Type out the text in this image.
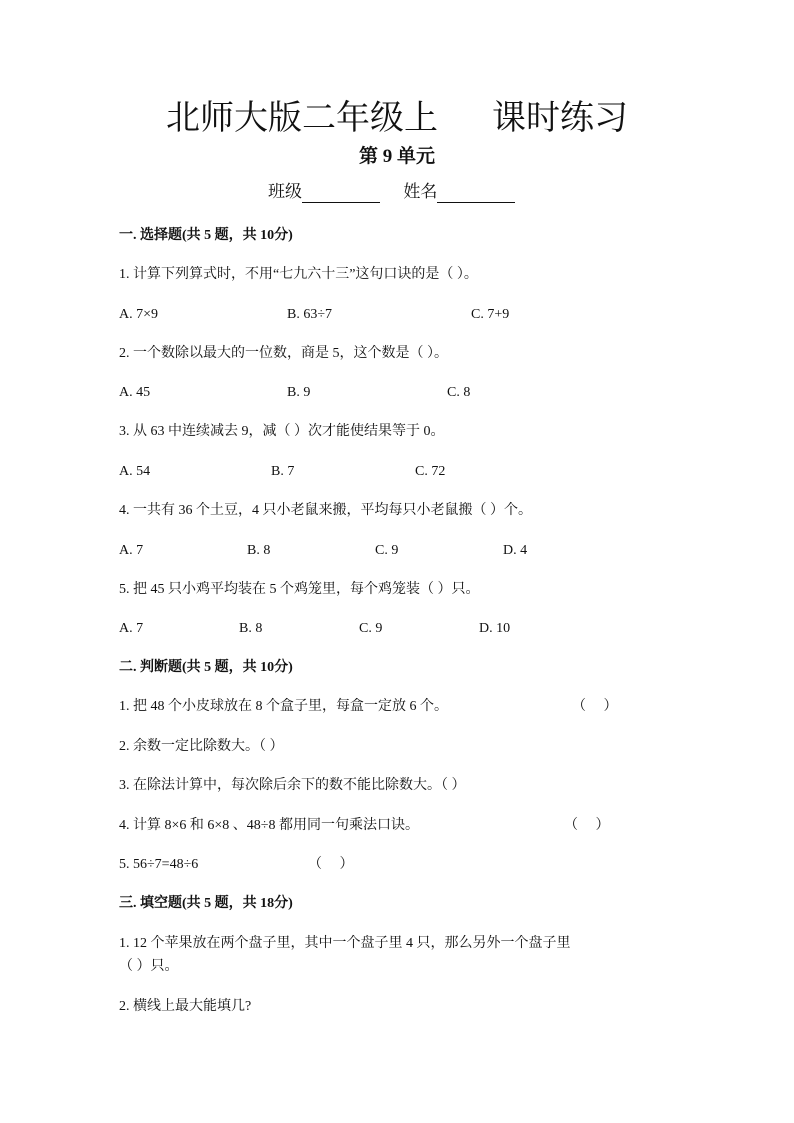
北师大版二年级上     课时练习
第 9 单元
班级	姓名
一. 选择题(共 5 题，共 10分)
1. 计算下列算式时，不用“七九六十三”这句口诀的是（ ）。
A. 7×9	B. 63÷7	C. 7+9
2. 一个数除以最大的一位数，商是 5，这个数是（ ）。
A. 45	B. 9	C. 8
3. 从 63 中连续减去 9，减（ ）次才能使结果等于 0。
A. 54	B. 7	C. 72
4. 一共有 36 个土豆，4 只小老鼠来搬，平均每只小老鼠搬（ ）个。
A. 7	B. 8	C. 9	D. 4
5. 把 45 只小鸡平均装在 5 个鸡笼里，每个鸡笼装（ ）只。
A. 7	B. 8	C. 9	D. 10
二. 判断题(共 5 题，共 10分)
1. 把 48 个小皮球放在 8 个盒子里，每盒一定放 6 个。	（     ）
2. 余数一定比除数大。（ ）
3. 在除法计算中，每次除后余下的数不能比除数大。（ ）
4. 计算 8×6 和 6×8 、48÷8 都用同一句乘法口诀。	（     ）
5. 56÷7=48÷6	（     ）
三. 填空题(共 5 题，共 18分)
1. 12 个苹果放在两个盘子里，其中一个盘子里 4 只，那么另外一个盘子里
（ ）只。
2. 横线上最大能填几?
